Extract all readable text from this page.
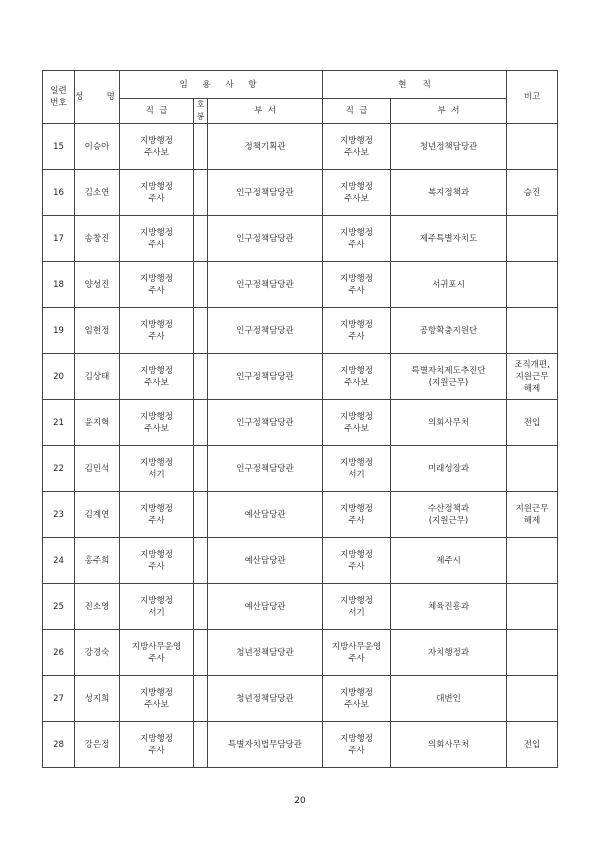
일련
번호	성  명	임 용 사 항			현      직		비고
		직  급	호봉	부  서	직  급	부  서	
15	이승아	지방행정
주사보		정책기획관	지방행정
주사보	청년정책담당관	
16	김소연	지방행정
주사		인구정책담당관	지방행정
주사보	복지정책과	승진
17	송창진	지방행정
주사		인구정책담당관	지방행정
주사	제주특별자치도	
18	양성진	지방행정
주사		인구정책담당관	지방행정
주사	서귀포시	
19	임현정	지방행정
주사		인구정책담당관	지방행정
주사	공항확충지원단	
20	김상태	지방행정
주사보		인구정책담당관	지방행정
주사보	특별자치제도추진단
(지원근무)	조직개편,
지원근무
해제
21	윤지혁	지방행정
주사보		인구정책담당관	지방행정
주사보	의회사무처	전입
22	김민석	지방행정
서기		인구정책담당관	지방행정
서기	미래성장과	
23	김계연	지방행정
주사		예산담당관	지방행정
주사	수산정책과
(지원근무)	지원근무
해제
24	홍주희	지방행정
주사		예산담당관	지방행정
주사	제주시	
25	진소영	지방행정
서기		예산담당관	지방행정
서기	체육진흥과	
26	강경숙	지방사무운영
주사		청년정책담당관	지방사무운영
주사	자치행정과	
27	성지희	지방행정
주사보		청년정책담당관	지방행정
주사보	대변인	
28	강은정	지방행정
주사		특별자치법무담당관	지방행정
주사	의회사무처	전입
20
